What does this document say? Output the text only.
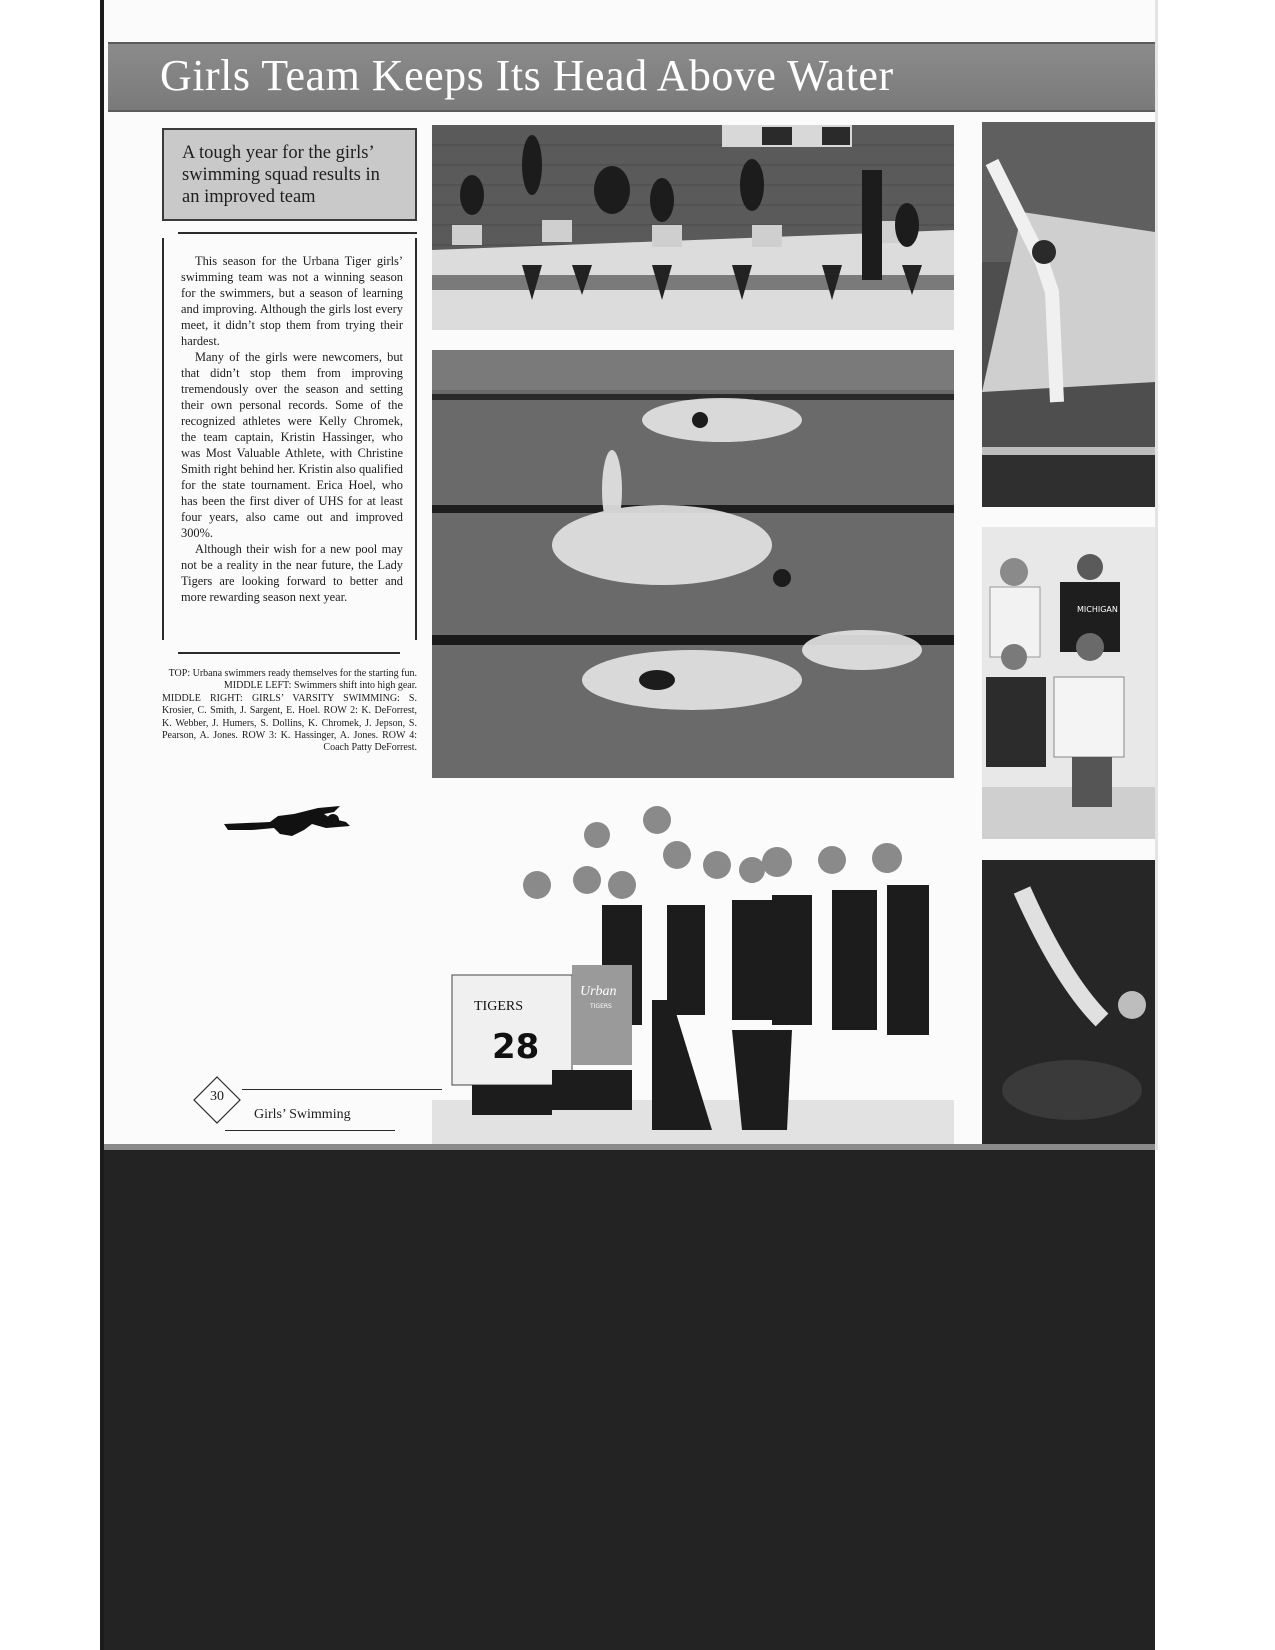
Girls Team Keeps Its Head Above Water
A tough year for the girls’ swimming squad results in an improved team

This season for the Urbana Tiger girls’ swimming team was not a winning season for the swimmers, but a season of learning and improving. Although the girls lost every meet, it didn’t stop them from trying their hardest.

Many of the girls were newcomers, but that didn’t stop them from improving tremendously over the season and setting their own personal records. Some of the recognized athletes were Kelly Chromek, the team captain, Kristin Hassinger, who was Most Valuable Athlete, with Christine Smith right behind her. Kristin also qualified for the state tournament. Erica Hoel, who has been the first diver of UHS for at least four years, also came out and improved 300%.

Although their wish for a new pool may not be a reality in the near future, the Lady Tigers are looking forward to better and more rewarding season next year.

TOP: Urbana swimmers ready themselves for the starting fun.

MIDDLE LEFT: Swimmers shift into high gear.

MIDDLE RIGHT: GIRLS’ VARSITY SWIMMING: S. Krosier, C. Smith, J. Sargent, E. Hoel. ROW 2: K. DeForrest, K. Webber, J. Humers, S. Dollins, K. Chromek, J. Jepson, S. Pearson, A. Jones. ROW 3: K. Hassinger, A. Jones. ROW 4: Coach Patty DeForrest.

MICHIGAN
TIGERS
28
Urban
TIGERS
30
Girls’ Swimming
